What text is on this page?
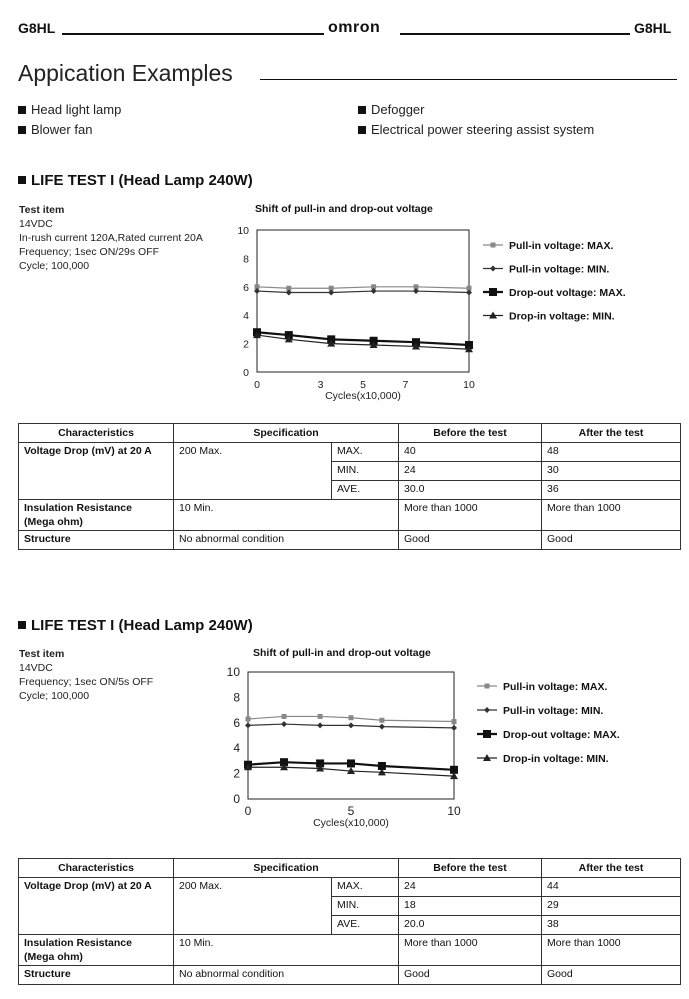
G8HL	omron	G8HL
Appication Examples
Head light lamp
Blower fan
Defogger
Electrical power steering assist system
LIFE TEST I (Head Lamp 240W)
Test item
14VDC
In-rush current 120A,Rated current 20A
Frequency; 1sec ON/29s OFF
Cycle; 100,000
Shift of pull-in and drop-out voltage
0
2
4
6
8
10
0	3	5	7	10
Cycles(x10,000)
Pull-in voltage: MAX.
Pull-in voltage: MIN.
Drop-out voltage: MAX.
Drop-in voltage: MIN.
Characteristics	Specification		Before the test	After the test
Voltage Drop (mV) at 20 A	200 Max.	MAX.	40	48
		MIN.	24	30
		AVE.	30.0	36

Insulation Resistance
(Mega ohm)	10 Min.		More than 1000	More than 1000
Structure	No abnormal condition		Good	Good
LIFE TEST I (Head Lamp 240W)
Test item
14VDC
Frequency; 1sec ON/5s OFF
Cycle; 100,000
Shift of pull-in and drop-out voltage
0
2
4
6
8
10
0	5	10
Cycles(x10,000)
Pull-in voltage: MAX.
Pull-in voltage: MIN.
Drop-out voltage: MAX.
Drop-in voltage: MIN.
Characteristics	Specification		Before the test	After the test
Voltage Drop (mV) at 20 A	200 Max.	MAX.	24	44
		MIN.	18	29
		AVE.	20.0	38

Insulation Resistance
(Mega ohm)	10 Min.		More than 1000	More than 1000
Structure	No abnormal condition		Good	Good
